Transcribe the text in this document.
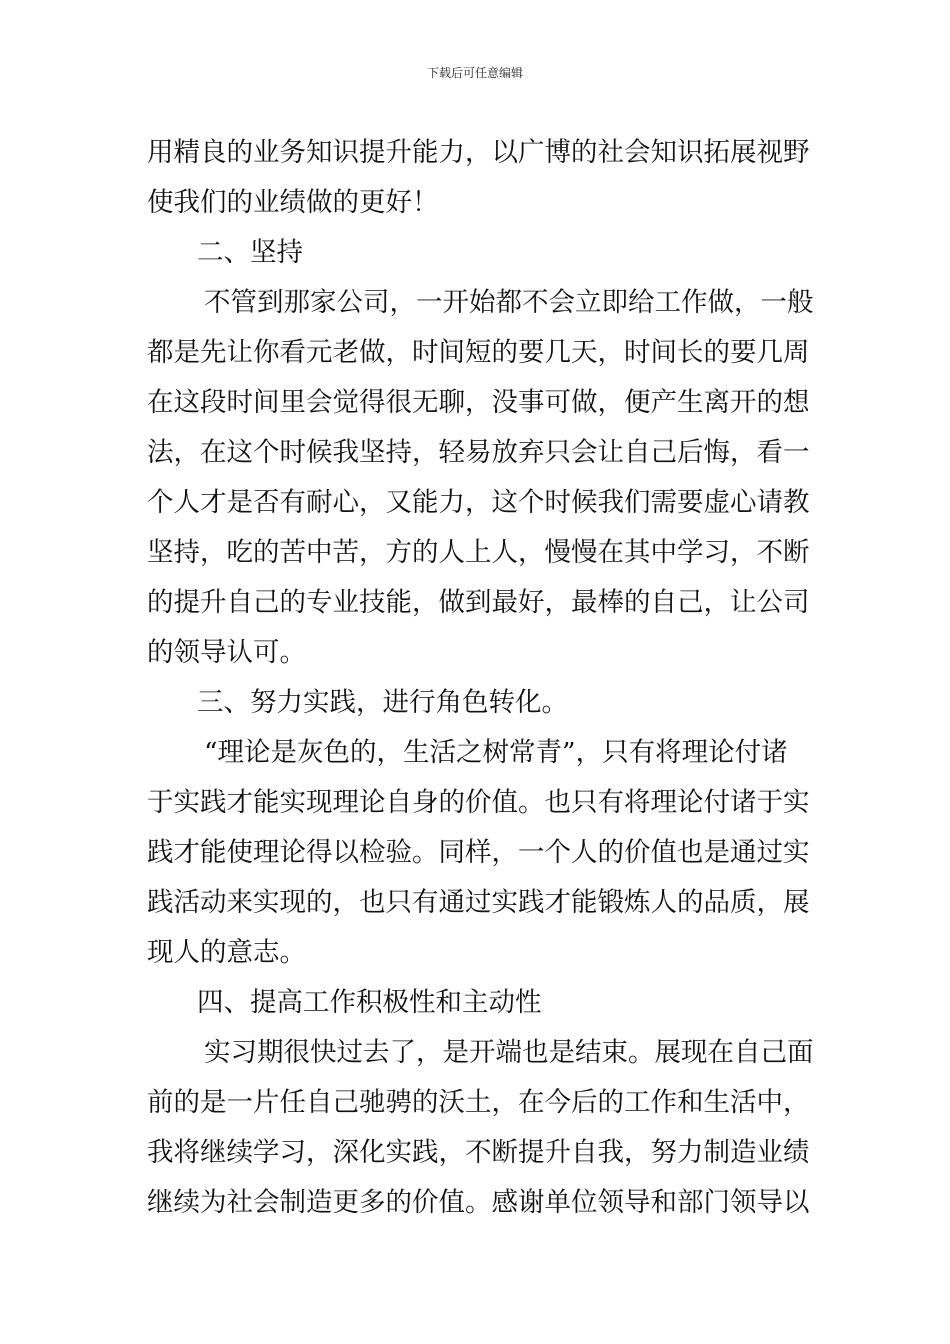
下载后可任意编辑
用精良的业务知识提升能力，以广博的社会知识拓展视野
使我们的业绩做的更好！
二、坚持
不管到那家公司，一开始都不会立即给工作做，一般
都是先让你看元老做，时间短的要几天，时间长的要几周
在这段时间里会觉得很无聊，没事可做，便产生离开的想
法，在这个时候我坚持，轻易放弃只会让自己后悔，看一
个人才是否有耐心，又能力，这个时候我们需要虚心请教
坚持，吃的苦中苦，方的人上人，慢慢在其中学习，不断
的提升自己的专业技能，做到最好，最棒的自己，让公司
的领导认可。
三、努力实践，进行角色转化。
“理论是灰色的，生活之树常青”，只有将理论付诸
于实践才能实现理论自身的价值。也只有将理论付诸于实
践才能使理论得以检验。同样，一个人的价值也是通过实
践活动来实现的，也只有通过实践才能锻炼人的品质，展
现人的意志。
四、提高工作积极性和主动性
实习期很快过去了，是开端也是结束。展现在自己面
前的是一片任自己驰骋的沃土，在今后的工作和生活中，
我将继续学习，深化实践，不断提升自我，努力制造业绩
继续为社会制造更多的价值。感谢单位领导和部门领导以
